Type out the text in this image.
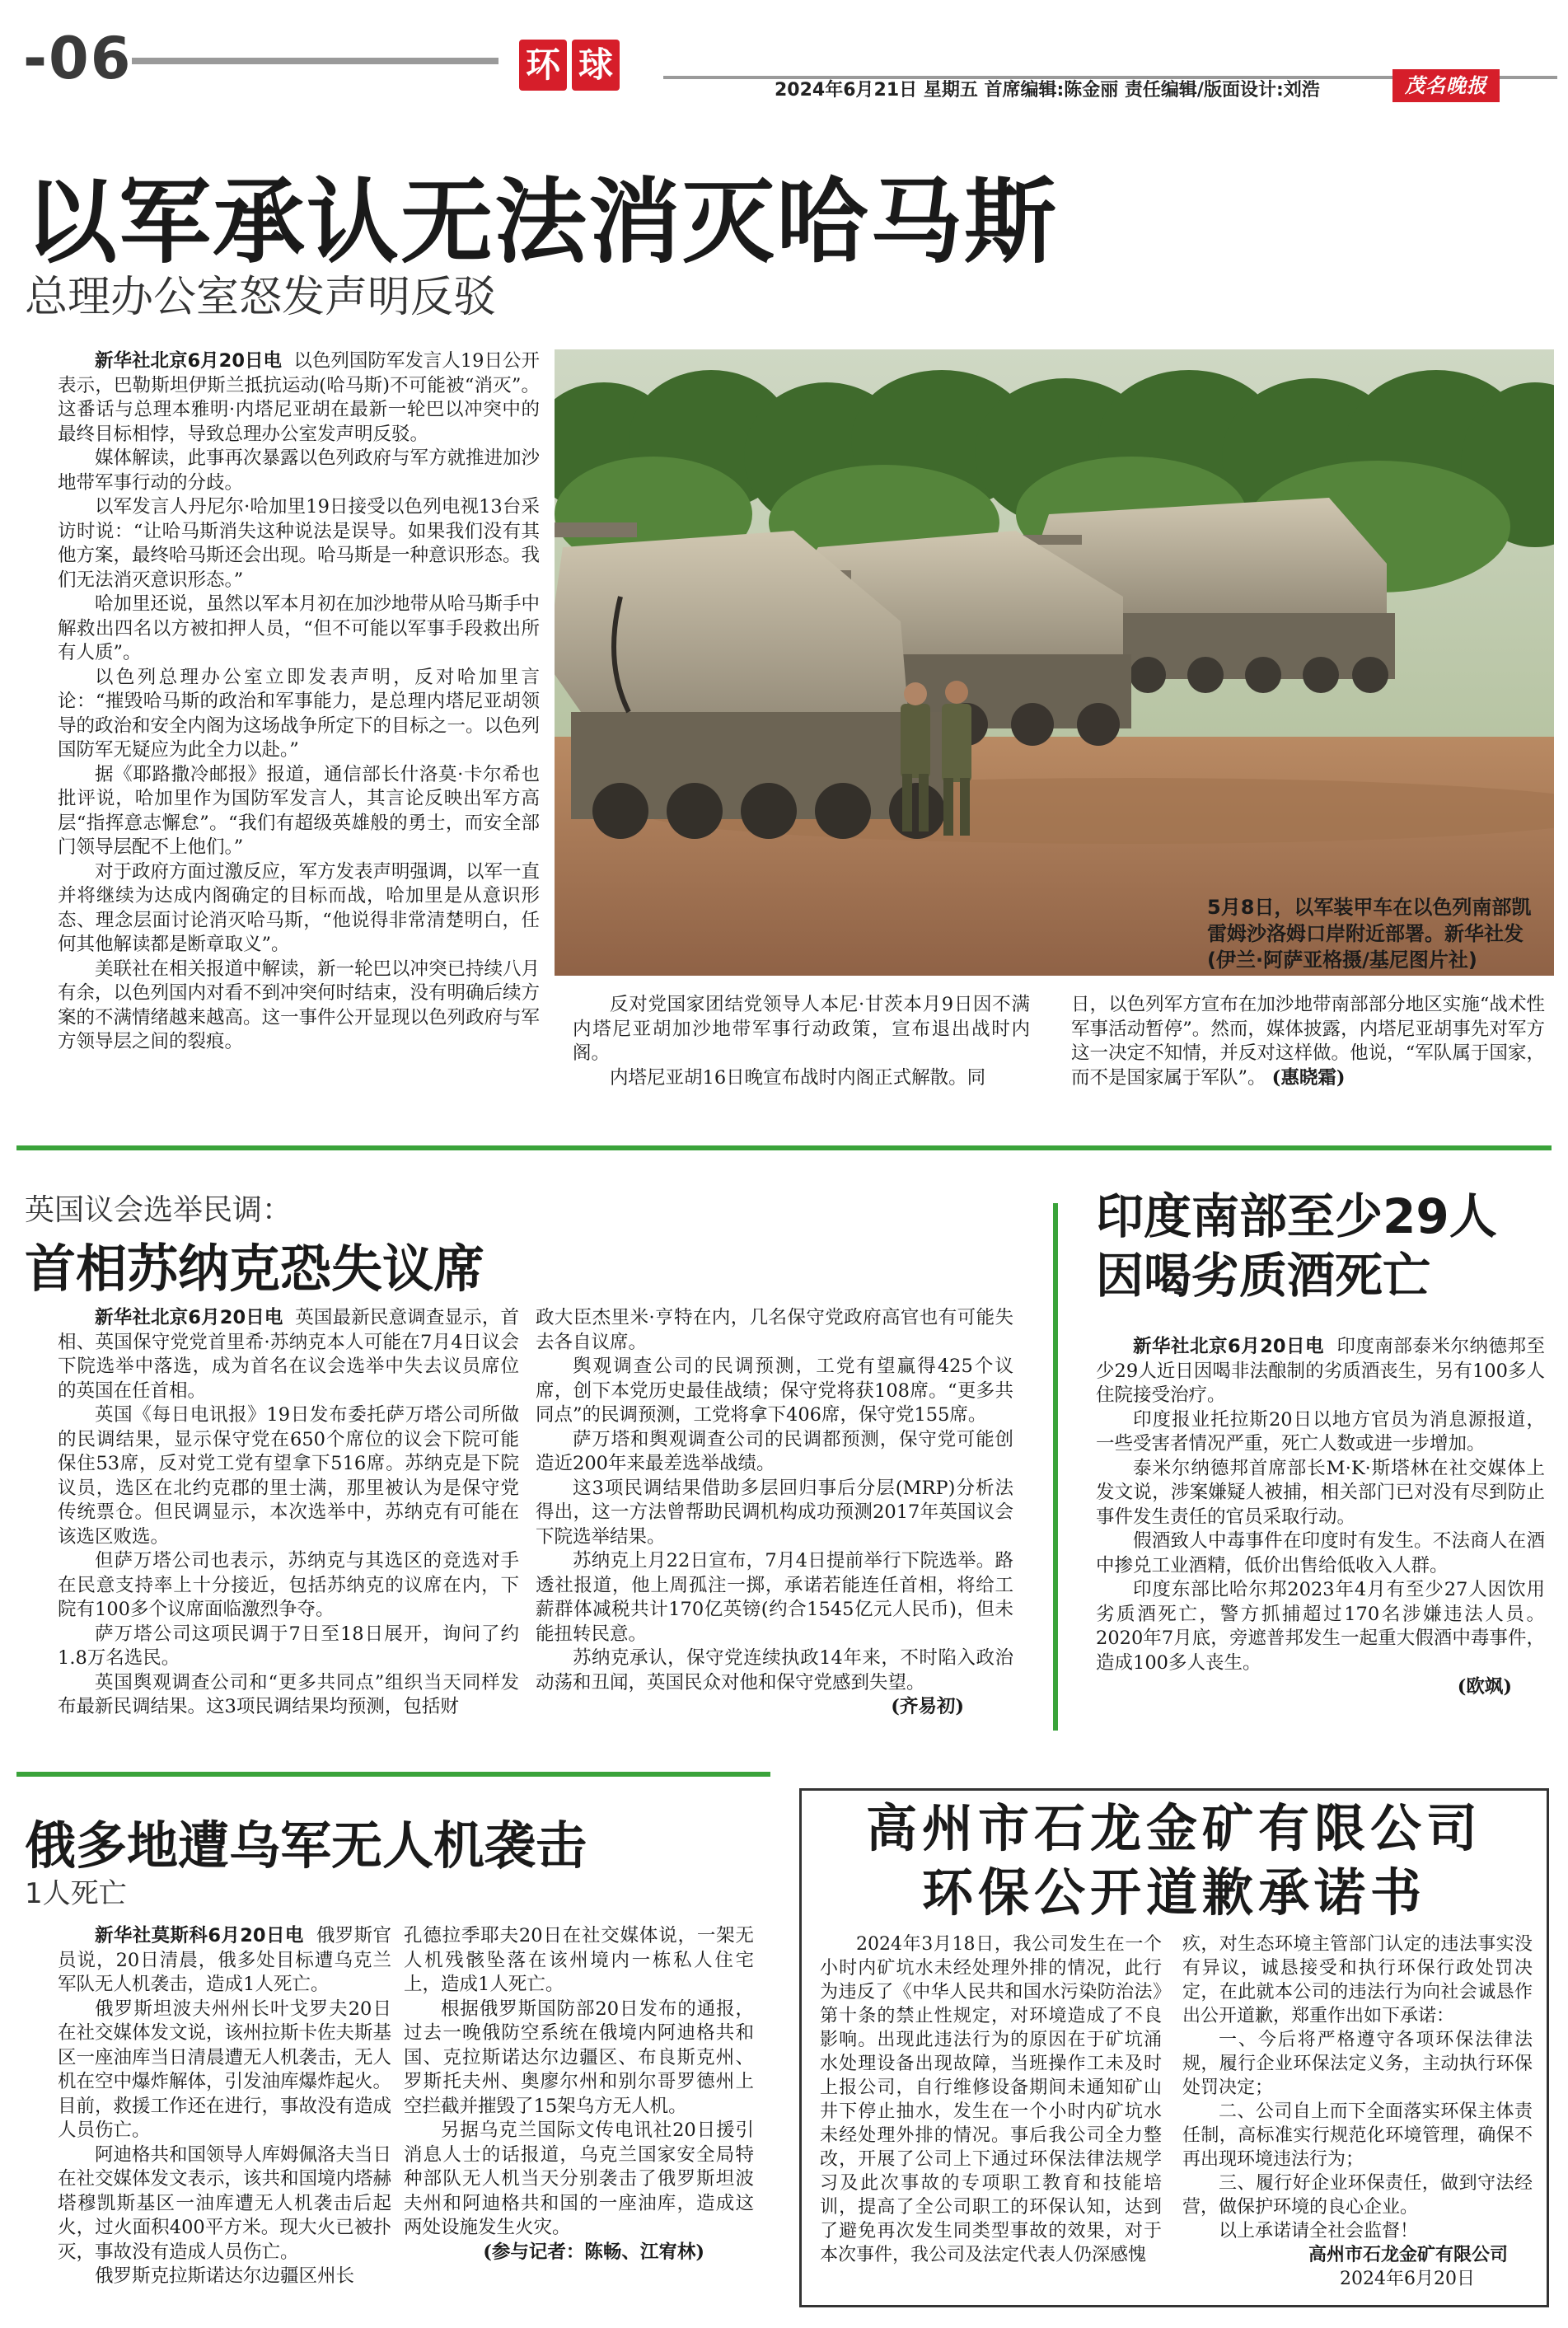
-06	环 球
2024年6月21日 星期五 首席编辑:陈金丽 责任编辑/版面设计:刘浩	茂名晚报
以军承认无法消灭哈马斯
总理办公室怒发声明反驳

新华社北京6月20日电 以色列国防军发言人19日公开表示，巴勒斯坦伊斯兰抵抗运动(哈马斯)不可能被“消灭”。这番话与总理本雅明·内塔尼亚胡在最新一轮巴以冲突中的最终目标相悖，导致总理办公室发声明反驳。

媒体解读，此事再次暴露以色列政府与军方就推进加沙地带军事行动的分歧。

以军发言人丹尼尔·哈加里19日接受以色列电视13台采访时说：“让哈马斯消失这种说法是误导。如果我们没有其他方案，最终哈马斯还会出现。哈马斯是一种意识形态。我们无法消灭意识形态。”

哈加里还说，虽然以军本月初在加沙地带从哈马斯手中解救出四名以方被扣押人员，“但不可能以军事手段救出所有人质”。

以色列总理办公室立即发表声明，反对哈加里言论：“摧毁哈马斯的政治和军事能力，是总理内塔尼亚胡领导的政治和安全内阁为这场战争所定下的目标之一。以色列国防军无疑应为此全力以赴。”

据《耶路撒冷邮报》报道，通信部长什洛莫·卡尔希也批评说，哈加里作为国防军发言人，其言论反映出军方高层“指挥意志懈怠”。“我们有超级英雄般的勇士，而安全部门领导层配不上他们。”

对于政府方面过激反应，军方发表声明强调，以军一直并将继续为达成内阁确定的目标而战，哈加里是从意识形态、理念层面讨论消灭哈马斯，“他说得非常清楚明白，任何其他解读都是断章取义”。

美联社在相关报道中解读，新一轮巴以冲突已持续八月有余，以色列国内对看不到冲突何时结束，没有明确后续方案的不满情绪越来越高。这一事件公开显现以色列政府与军方领导层之间的裂痕。

5月8日，以军装甲车在以色列南部凯雷姆沙洛姆口岸附近部署。新华社发(伊兰·阿萨亚格摄/基尼图片社)

反对党国家团结党领导人本尼·甘茨本月9日因不满内塔尼亚胡加沙地带军事行动政策，宣布退出战时内阁。

内塔尼亚胡16日晚宣布战时内阁正式解散。同

日，以色列军方宣布在加沙地带南部部分地区实施“战术性军事活动暂停”。然而，媒体披露，内塔尼亚胡事先对军方这一决定不知情，并反对这样做。他说，“军队属于国家，而不是国家属于军队”。 (惠晓霜)

英国议会选举民调：
首相苏纳克恐失议席

新华社北京6月20日电 英国最新民意调查显示，首相、英国保守党党首里希·苏纳克本人可能在7月4日议会下院选举中落选，成为首名在议会选举中失去议员席位的英国在任首相。

英国《每日电讯报》19日发布委托萨万塔公司所做的民调结果，显示保守党在650个席位的议会下院可能保住53席，反对党工党有望拿下516席。苏纳克是下院议员，选区在北约克郡的里士满，那里被认为是保守党传统票仓。但民调显示，本次选举中，苏纳克有可能在该选区败选。

但萨万塔公司也表示，苏纳克与其选区的竞选对手在民意支持率上十分接近，包括苏纳克的议席在内，下院有100多个议席面临激烈争夺。

萨万塔公司这项民调于7日至18日展开，询问了约1.8万名选民。

英国舆观调查公司和“更多共同点”组织当天同样发布最新民调结果。这3项民调结果均预测，包括财

政大臣杰里米·亨特在内，几名保守党政府高官也有可能失去各自议席。

舆观调查公司的民调预测，工党有望赢得425个议席，创下本党历史最佳战绩；保守党将获108席。“更多共同点”的民调预测，工党将拿下406席，保守党155席。

萨万塔和舆观调查公司的民调都预测，保守党可能创造近200年来最差选举战绩。

这3项民调结果借助多层回归事后分层(MRP)分析法得出，这一方法曾帮助民调机构成功预测2017年英国议会下院选举结果。

苏纳克上月22日宣布，7月4日提前举行下院选举。路透社报道，他上周孤注一掷，承诺若能连任首相，将给工薪群体减税共计170亿英镑(约合1545亿元人民币)，但未能扭转民意。

苏纳克承认，保守党连续执政14年来，不时陷入政治动荡和丑闻，英国民众对他和保守党感到失望。

(齐易初)

印度南部至少29人
因喝劣质酒死亡

新华社北京6月20日电 印度南部泰米尔纳德邦至少29人近日因喝非法酿制的劣质酒丧生，另有100多人住院接受治疗。

印度报业托拉斯20日以地方官员为消息源报道，一些受害者情况严重，死亡人数或进一步增加。

泰米尔纳德邦首席部长M·K·斯塔林在社交媒体上发文说，涉案嫌疑人被捕，相关部门已对没有尽到防止事件发生责任的官员采取行动。

假酒致人中毒事件在印度时有发生。不法商人在酒中掺兑工业酒精，低价出售给低收入人群。

印度东部比哈尔邦2023年4月有至少27人因饮用劣质酒死亡，警方抓捕超过170名涉嫌违法人员。2020年7月底，旁遮普邦发生一起重大假酒中毒事件，造成100多人丧生。

(欧飒)

俄多地遭乌军无人机袭击
1人死亡

新华社莫斯科6月20日电 俄罗斯官员说，20日清晨，俄多处目标遭乌克兰军队无人机袭击，造成1人死亡。

俄罗斯坦波夫州州长叶戈罗夫20日在社交媒体发文说，该州拉斯卡佐夫斯基区一座油库当日清晨遭无人机袭击，无人机在空中爆炸解体，引发油库爆炸起火。目前，救援工作还在进行，事故没有造成人员伤亡。

阿迪格共和国领导人库姆佩洛夫当日在社交媒体发文表示，该共和国境内塔赫塔穆凯斯基区一油库遭无人机袭击后起火，过火面积400平方米。现大火已被扑灭，事故没有造成人员伤亡。

俄罗斯克拉斯诺达尔边疆区州长

孔德拉季耶夫20日在社交媒体说，一架无人机残骸坠落在该州境内一栋私人住宅上，造成1人死亡。

根据俄罗斯国防部20日发布的通报，过去一晚俄防空系统在俄境内阿迪格共和国、克拉斯诺达尔边疆区、布良斯克州、罗斯托夫州、奥廖尔州和别尔哥罗德州上空拦截并摧毁了15架乌方无人机。

另据乌克兰国际文传电讯社20日援引消息人士的话报道，乌克兰国家安全局特种部队无人机当天分别袭击了俄罗斯坦波夫州和阿迪格共和国的一座油库，造成这两处设施发生火灾。

(参与记者：陈畅、江宥林)

高州市石龙金矿有限公司
环保公开道歉承诺书

2024年3月18日，我公司发生在一个小时内矿坑水未经处理外排的情况，此行为违反了《中华人民共和国水污染防治法》第十条的禁止性规定，对环境造成了不良影响。出现此违法行为的原因在于矿坑涌水处理设备出现故障，当班操作工未及时上报公司，自行维修设备期间未通知矿山井下停止抽水，发生在一个小时内矿坑水未经处理外排的情况。事后我公司全力整改，开展了公司上下通过环保法律法规学习及此次事故的专项职工教育和技能培训，提高了全公司职工的环保认知，达到了避免再次发生同类型事故的效果，对于本次事件，我公司及法定代表人仍深感愧

疚，对生态环境主管部门认定的违法事实没有异议，诚恳接受和执行环保行政处罚决定，在此就本公司的违法行为向社会诚恳作出公开道歉，郑重作出如下承诺：

一、今后将严格遵守各项环保法律法规，履行企业环保法定义务，主动执行环保处罚决定；

二、公司自上而下全面落实环保主体责任制，高标准实行规范化环境管理，确保不再出现环境违法行为；

三、履行好企业环保责任，做到守法经营，做保护环境的良心企业。

以上承诺请全社会监督！

高州市石龙金矿有限公司

2024年6月20日
